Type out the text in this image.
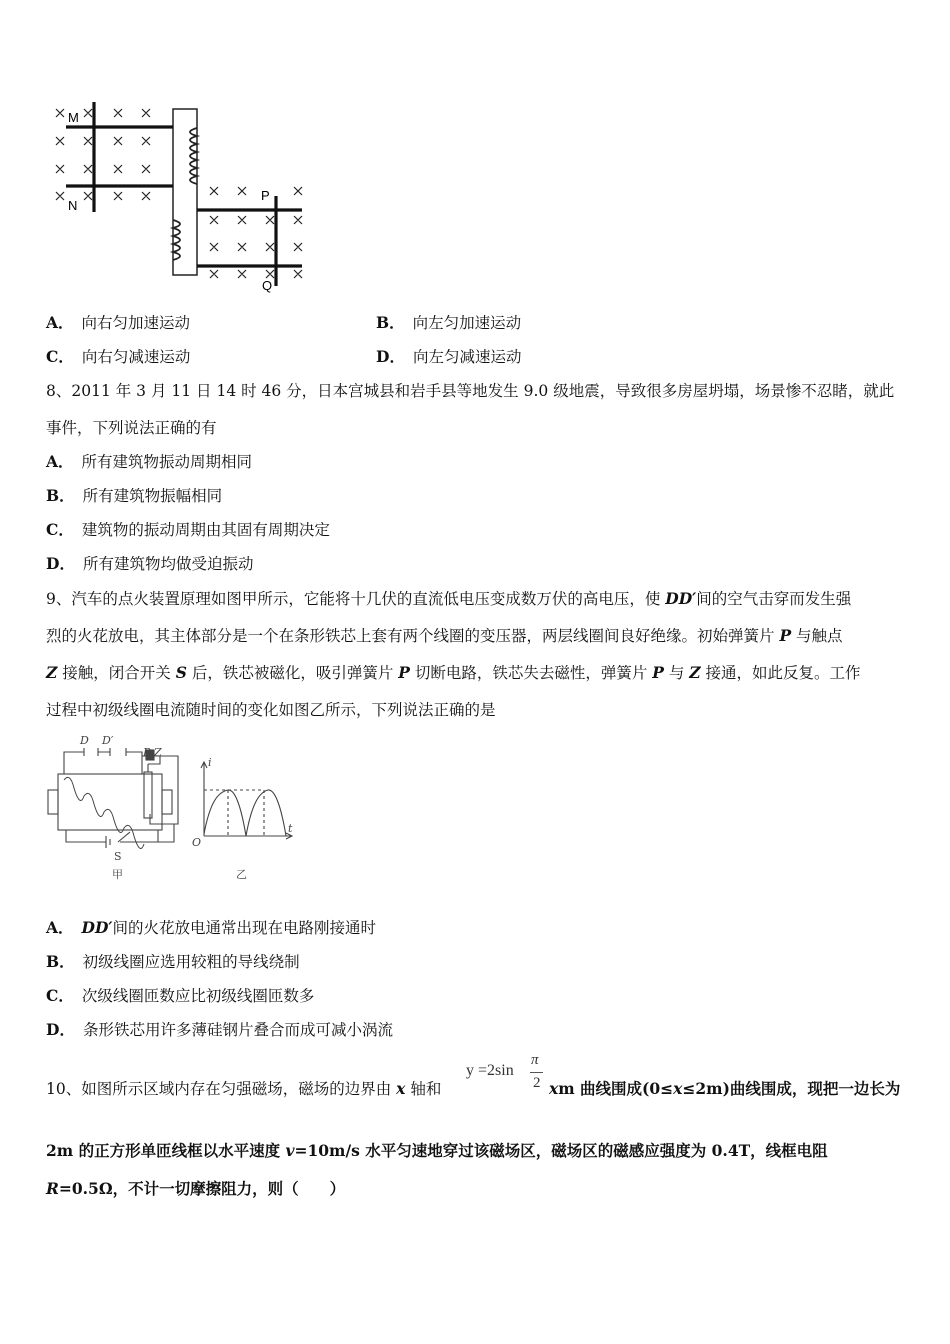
M
N
P
Q
A． 向右匀加速运动	B． 向左匀加速运动
C． 向右匀减速运动	D． 向左匀减速运动
8、2011 年 3 月 11 日 14 时 46 分，日本宫城县和岩手县等地发生 9.0 级地震，导致很多房屋坍塌，场景惨不忍睹，就此
事件，下列说法正确的有
A． 所有建筑物振动周期相同
B． 所有建筑物振幅相同
C． 建筑物的振动周期由其固有周期决定
D． 所有建筑物均做受迫振动
9、汽车的点火装置原理如图甲所示，它能将十几伏的直流低电压变成数万伏的高电压，使 DD′间的空气击穿而发生强
烈的火花放电，其主体部分是一个在条形铁芯上套有两个线圈的变压器，两层线圈间良好绝缘。初始弹簧片 P 与触点
Z 接触，闭合开关 S 后，铁芯被磁化，吸引弹簧片 P 切断电路，铁芯失去磁性，弹簧片 P 与 Z 接通，如此反复。工作
过程中初级线圈电流随时间的变化如图乙所示，下列说法正确的是
D D′
P Z
S
甲
i
O
t
乙
A． DD′间的火花放电通常出现在电路刚接通时
B． 初级线圈应选用较粗的导线绕制
C． 次级线圈匝数应比初级线圈匝数多
D． 条形铁芯用许多薄硅钢片叠合而成可减小涡流
10、如图所示区域内存在匀强磁场，磁场的边界由 x 轴和
y =2sin
π
2 xm 曲线围成(0≤x≤2m)曲线围成，现把一边长为
2m 的正方形单匝线框以水平速度 v=10m/s 水平匀速地穿过该磁场区，磁场区的磁感应强度为 0.4T，线框电阻
R=0.5Ω，不计一切摩擦阻力，则（　　）
